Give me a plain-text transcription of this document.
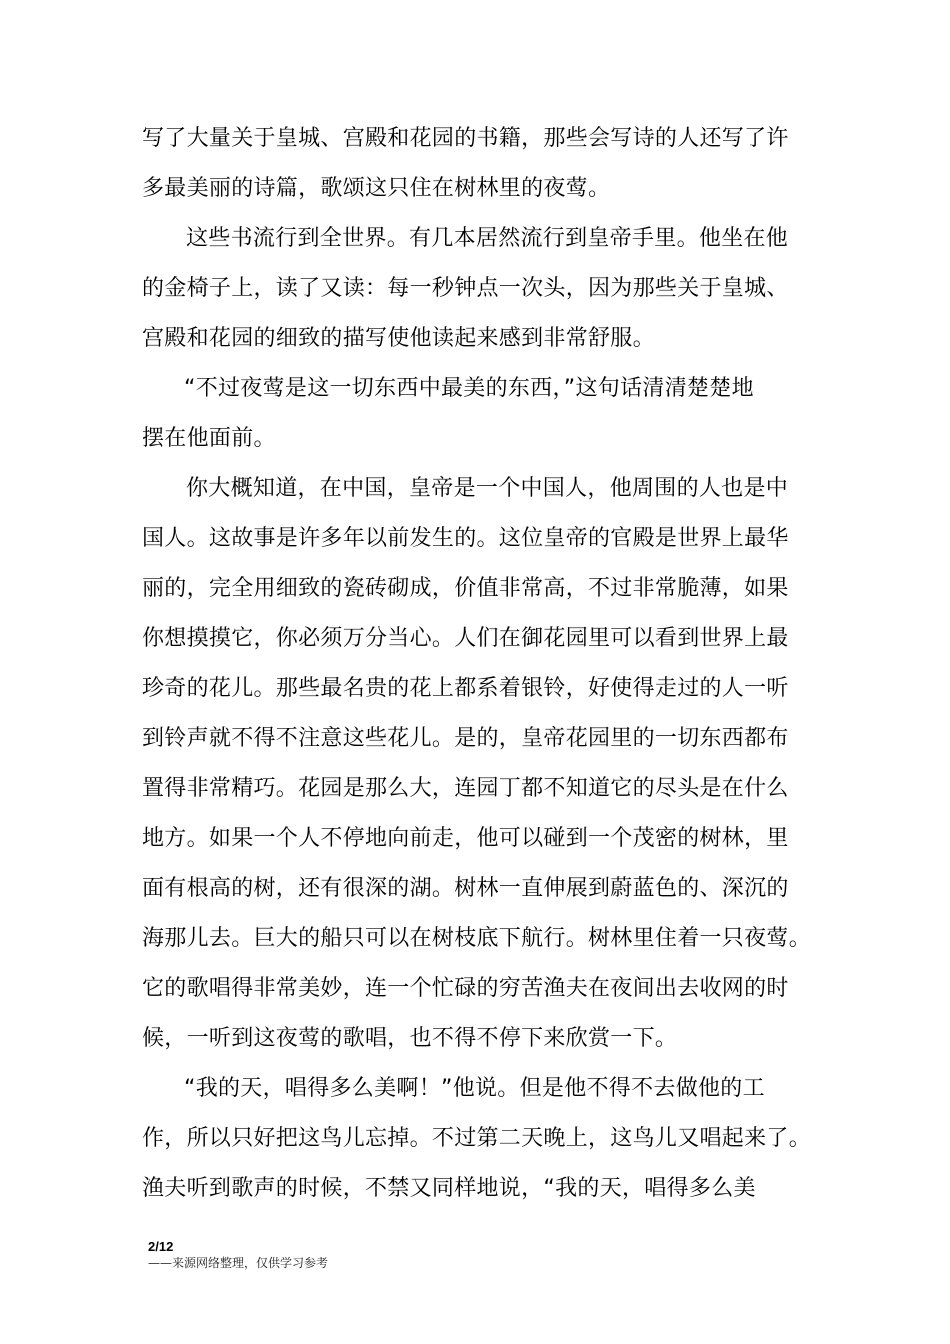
写了大量关于皇城、宫殿和花园的书籍，那些会写诗的人还写了许
多最美丽的诗篇，歌颂这只住在树林里的夜莺。
这些书流行到全世界。有几本居然流行到皇帝手里。他坐在他
的金椅子上，读了又读：每一秒钟点一次头，因为那些关于皇城、
宫殿和花园的细致的描写使他读起来感到非常舒服。
“不过夜莺是这一切东西中最美的东西，”这句话清清楚楚地
摆在他面前。
你大概知道，在中国，皇帝是一个中国人，他周围的人也是中
国人。这故事是许多年以前发生的。这位皇帝的官殿是世界上最华
丽的，完全用细致的瓷砖砌成，价值非常高，不过非常脆薄，如果
你想摸摸它，你必须万分当心。人们在御花园里可以看到世界上最
珍奇的花儿。那些最名贵的花上都系着银铃，好使得走过的人一听
到铃声就不得不注意这些花儿。是的，皇帝花园里的一切东西都布
置得非常精巧。花园是那么大，连园丁都不知道它的尽头是在什么
地方。如果一个人不停地向前走，他可以碰到一个茂密的树林，里
面有根高的树，还有很深的湖。树林一直伸展到蔚蓝色的、深沉的
海那儿去。巨大的船只可以在树枝底下航行。树林里住着一只夜莺。
它的歌唱得非常美妙，连一个忙碌的穷苦渔夫在夜间出去收网的时
候，一听到这夜莺的歌唱，也不得不停下来欣赏一下。
“我的天，唱得多么美啊！”他说。但是他不得不去做他的工
作，所以只好把这鸟儿忘掉。不过第二天晚上，这鸟儿又唱起来了。
渔夫听到歌声的时候，不禁又同样地说，“我的天，唱得多么美
2/12
——来源网络整理，仅供学习参考
